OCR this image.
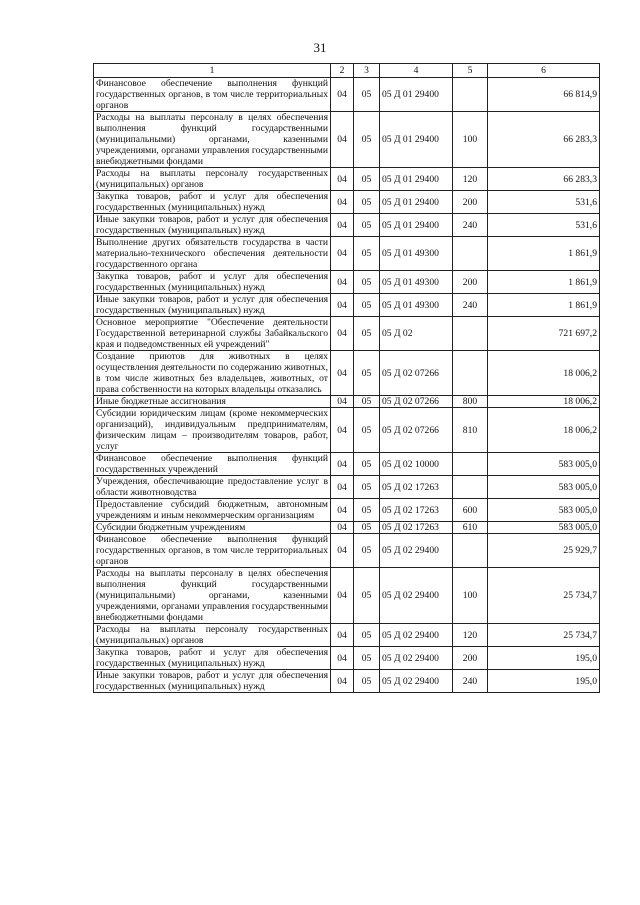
31
1	2	3	4	5	6
Финансовое обеспечение выполнения функций государственных органов, в том числе территориальных органов	04	05	05 Д 01 29400		66 814,9
Расходы на выплаты персоналу в целях обеспечения выполнения функций государственными (муниципальными) органами, казенными учреждениями, органами управления государственными внебюджетными фондами	04	05	05 Д 01 29400	100	66 283,3
Расходы на выплаты персоналу государственных (муниципальных) органов	04	05	05 Д 01 29400	120	66 283,3
Закупка товаров, работ и услуг для обеспечения государственных (муниципальных) нужд	04	05	05 Д 01 29400	200	531,6
Иные закупки товаров, работ и услуг для обеспечения государственных (муниципальных) нужд	04	05	05 Д 01 29400	240	531,6
Выполнение других обязательств государства в части материально-технического обеспечения деятельности государственного органа	04	05	05 Д 01 49300		1 861,9
Закупка товаров, работ и услуг для обеспечения государственных (муниципальных) нужд	04	05	05 Д 01 49300	200	1 861,9
Иные закупки товаров, работ и услуг для обеспечения государственных (муниципальных) нужд	04	05	05 Д 01 49300	240	1 861,9
Основное мероприятие "Обеспечение деятельности Государственной ветеринарной службы Забайкальского края и подведомственных ей учреждений"	04	05	05 Д 02		721 697,2
Создание приютов для животных в целях осуществления деятельности по содержанию животных, в том числе животных без владельцев, животных, от права собственности на которых владельцы отказались	04	05	05 Д 02 07266		18 006,2
Иные бюджетные ассигнования	04	05	05 Д 02 07266	800	18 006,2
Субсидии юридическим лицам (кроме некоммерческих организаций), индивидуальным предпринимателям, физическим лицам – производителям товаров, работ, услуг	04	05	05 Д 02 07266	810	18 006,2
Финансовое обеспечение выполнения функций государственных учреждений	04	05	05 Д 02 10000		583 005,0
Учреждения, обеспечивающие предоставление услуг в области животноводства	04	05	05 Д 02 17263		583 005,0
Предоставление субсидий бюджетным, автономным учреждениям и иным некоммерческим организациям	04	05	05 Д 02 17263	600	583 005,0
Субсидии бюджетным учреждениям	04	05	05 Д 02 17263	610	583 005,0
Финансовое обеспечение выполнения функций государственных органов, в том числе территориальных органов	04	05	05 Д 02 29400		25 929,7
Расходы на выплаты персоналу в целях обеспечения выполнения функций государственными (муниципальными) органами, казенными учреждениями, органами управления государственными внебюджетными фондами	04	05	05 Д 02 29400	100	25 734,7
Расходы на выплаты персоналу государственных (муниципальных) органов	04	05	05 Д 02 29400	120	25 734,7
Закупка товаров, работ и услуг для обеспечения государственных (муниципальных) нужд	04	05	05 Д 02 29400	200	195,0
Иные закупки товаров, работ и услуг для обеспечения государственных (муниципальных) нужд	04	05	05 Д 02 29400	240	195,0
